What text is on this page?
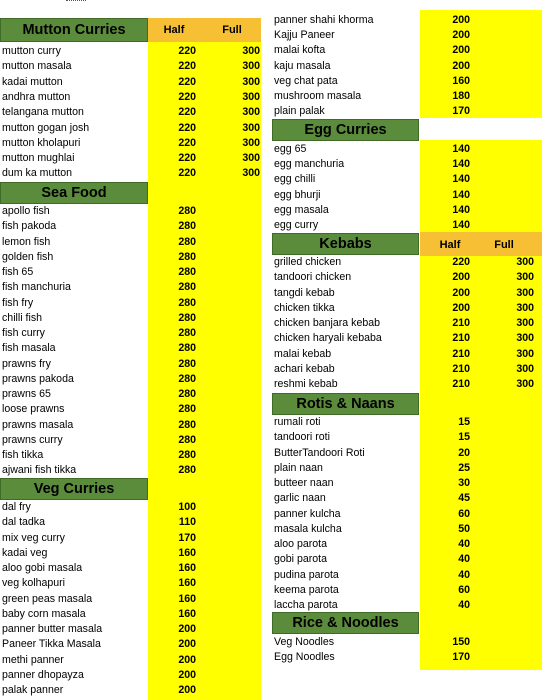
Mutton Curries	Half	Full
mutton curry	220	300
mutton masala	220	300
kadai mutton	220	300
andhra mutton	220	300
telangana mutton	220	300
mutton gogan josh	220	300
mutton kholapuri	220	300
mutton mughlai	220	300
dum ka mutton	220	300
Sea Food
apollo fish	280
fish pakoda	280
lemon fish	280
golden fish	280
fish 65	280
fish manchuria	280
fish fry	280
chilli fish	280
fish curry	280
fish masala	280
prawns fry	280
prawns pakoda	280
prawns 65	280
loose prawns	280
prawns masala	280
prawns curry	280
fish tikka	280
ajwani fish tikka	280
Veg Curries
dal fry	100
dal tadka	110
mix veg curry	170
kadai veg	160
aloo gobi masala	160
veg kolhapuri	160
green peas masala	160
baby corn masala	160
panner butter masala	200
Paneer Tikka Masala	200
methi panner	200
panner dhopayza	200
palak panner	200
panner shahi khorma	200
Kajju Paneer	200
malai kofta	200
kaju masala	200
veg chat pata	160
mushroom masala	180
plain palak	170
Egg Curries
egg 65	140
egg manchuria	140
egg chilli	140
egg bhurji	140
egg masala	140
egg curry	140
Kebabs	Half	Full
grilled chicken	220	300
tandoori chicken	200	300
tangdi kebab	200	300
chicken tikka	200	300
chicken banjara kebab	210	300
chicken haryali kebaba	210	300
malai kebab	210	300
achari kebab	210	300
reshmi kebab	210	300
Rotis & Naans
rumali roti	15
tandoori roti	15
ButterTandoori Roti	20
plain naan	25
butteer naan	30
garlic naan	45
panner kulcha	60
masala kulcha	50
aloo parota	40
gobi parota	40
pudina parota	40
keema parota	60
laccha parota	40
Rice & Noodles
Veg Noodles	150
Egg Noodles	170
